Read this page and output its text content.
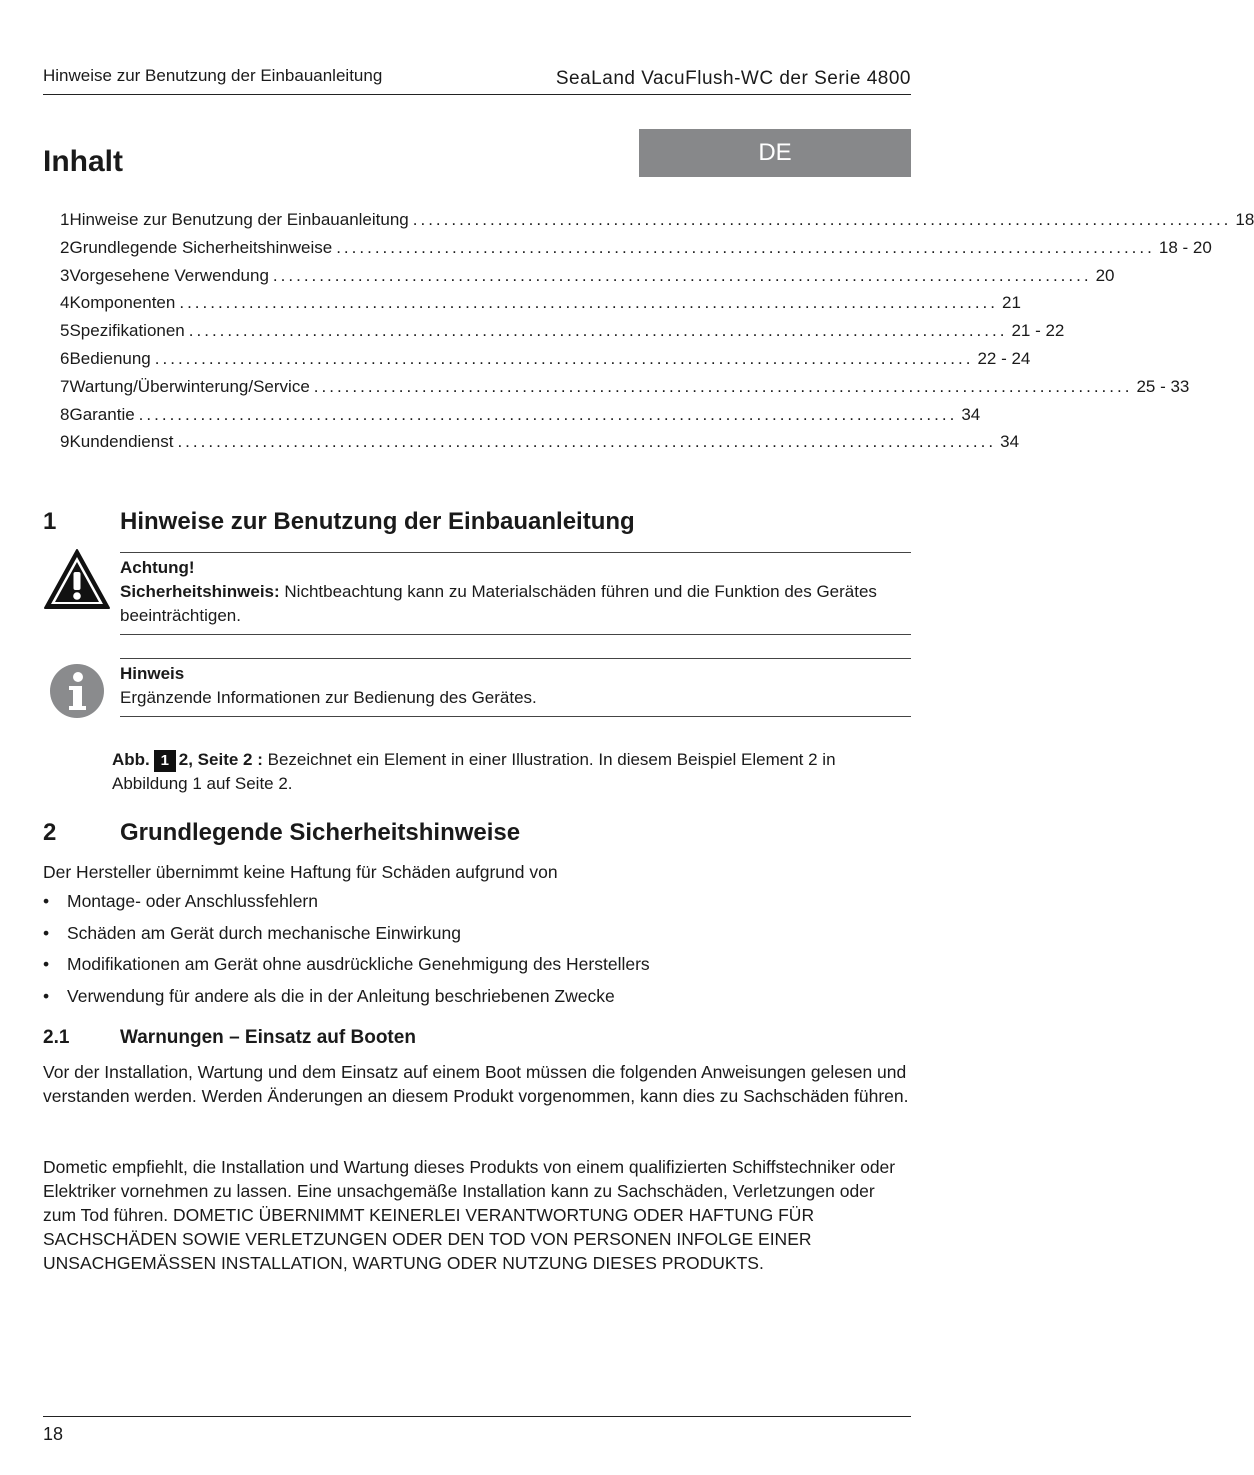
Hinweise zur Benutzung der Einbauanleitung	SeaLand VacuFlush-WC der Serie 4800
Inhalt	DE
1 Hinweise zur Benutzung der Einbauanleitung .......................................................................................................... 18
2 Grundlegende Sicherheitshinweise .......................................................................................................... 18 - 20
3 Vorgesehene Verwendung .......................................................................................................... 20
4 Komponenten .......................................................................................................... 21
5 Spezifikationen .......................................................................................................... 21 - 22
6 Bedienung .......................................................................................................... 22 - 24
7 Wartung/Überwinterung/Service .......................................................................................................... 25 - 33
8 Garantie .......................................................................................................... 34
9 Kundendienst .......................................................................................................... 34
1	Hinweise zur Benutzung der Einbauanleitung
Achtung!
Sicherheitshinweis: Nichtbeachtung kann zu Materialschäden führen und die Funktion des Gerätes beeinträchtigen.
Hinweis
Ergänzende Informationen zur Bedienung des Gerätes.
Abb. 1 2, Seite 2 : Bezeichnet ein Element in einer Illustration. In diesem Beispiel Element 2 in Abbildung 1 auf Seite 2.
2	Grundlegende Sicherheitshinweise
Der Hersteller übernimmt keine Haftung für Schäden aufgrund von
• Montage- oder Anschlussfehlern
• Schäden am Gerät durch mechanische Einwirkung
• Modifikationen am Gerät ohne ausdrückliche Genehmigung des Herstellers
• Verwendung für andere als die in der Anleitung beschriebenen Zwecke
2.1	Warnungen – Einsatz auf Booten
Vor der Installation, Wartung und dem Einsatz auf einem Boot müssen die folgenden Anweisungen gelesen und verstanden werden. Werden Änderungen an diesem Produkt vorgenommen, kann dies zu Sachschäden führen.
Dometic empfiehlt, die Installation und Wartung dieses Produkts von einem qualifizierten Schiffstechniker oder Elektriker vornehmen zu lassen. Eine unsachgemäße Installation kann zu Sachschäden, Verletzungen oder zum Tod führen. DOMETIC ÜBERNIMMT KEINERLEI VERANTWORTUNG ODER HAFTUNG FÜR SACHSCHÄDEN SOWIE VERLETZUNGEN ODER DEN TOD VON PERSONEN INFOLGE EINER UNSACHGEMÄSSEN INSTALLATION, WARTUNG ODER NUTZUNG DIESES PRODUKTS.
18
